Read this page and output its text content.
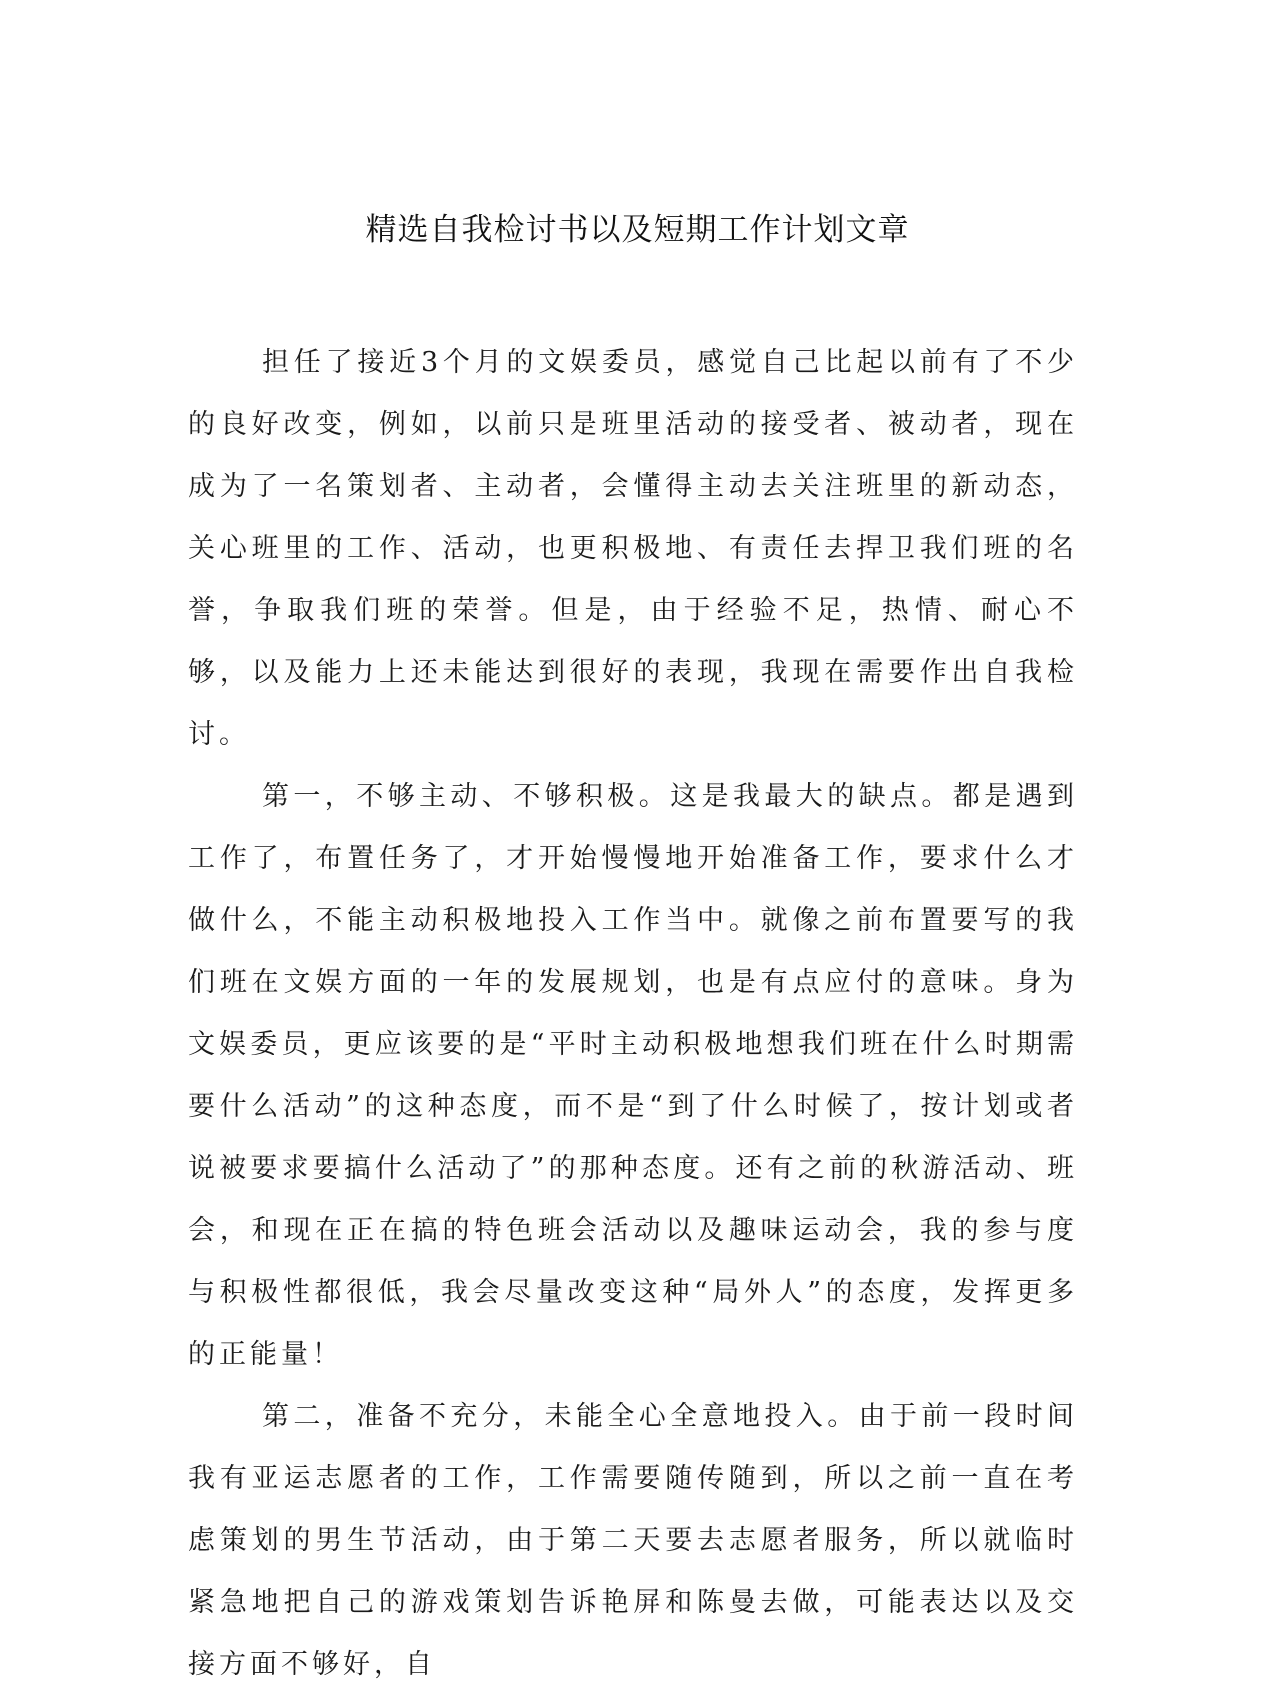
精选自我检讨书以及短期工作计划文章

担任了接近3个月的文娱委员，感觉自己比起以前有了不少的良好改变，例如，以前只是班里活动的接受者、被动者，现在成为了一名策划者、主动者，会懂得主动去关注班里的新动态，关心班里的工作、活动，也更积极地、有责任去捍卫我们班的名誉，争取我们班的荣誉。但是，由于经验不足，热情、耐心不够，以及能力上还未能达到很好的表现，我现在需要作出自我检讨。

第一，不够主动、不够积极。这是我最大的缺点。都是遇到工作了，布置任务了，才开始慢慢地开始准备工作，要求什么才做什么，不能主动积极地投入工作当中。就像之前布置要写的我们班在文娱方面的一年的发展规划，也是有点应付的意味。身为文娱委员，更应该要的是“平时主动积极地想我们班在什么时期需要什么活动”的这种态度，而不是“到了什么时候了，按计划或者说被要求要搞什么活动了”的那种态度。还有之前的秋游活动、班会，和现在正在搞的特色班会活动以及趣味运动会，我的参与度与积极性都很低，我会尽量改变这种“局外人”的态度，发挥更多的正能量！

第二，准备不充分，未能全心全意地投入。由于前一段时间我有亚运志愿者的工作，工作需要随传随到，所以之前一直在考虑策划的男生节活动，由于第二天要去志愿者服务，所以就临时紧急地把自己的游戏策划告诉艳屏和陈曼去做，可能表达以及交接方面不够好，自
